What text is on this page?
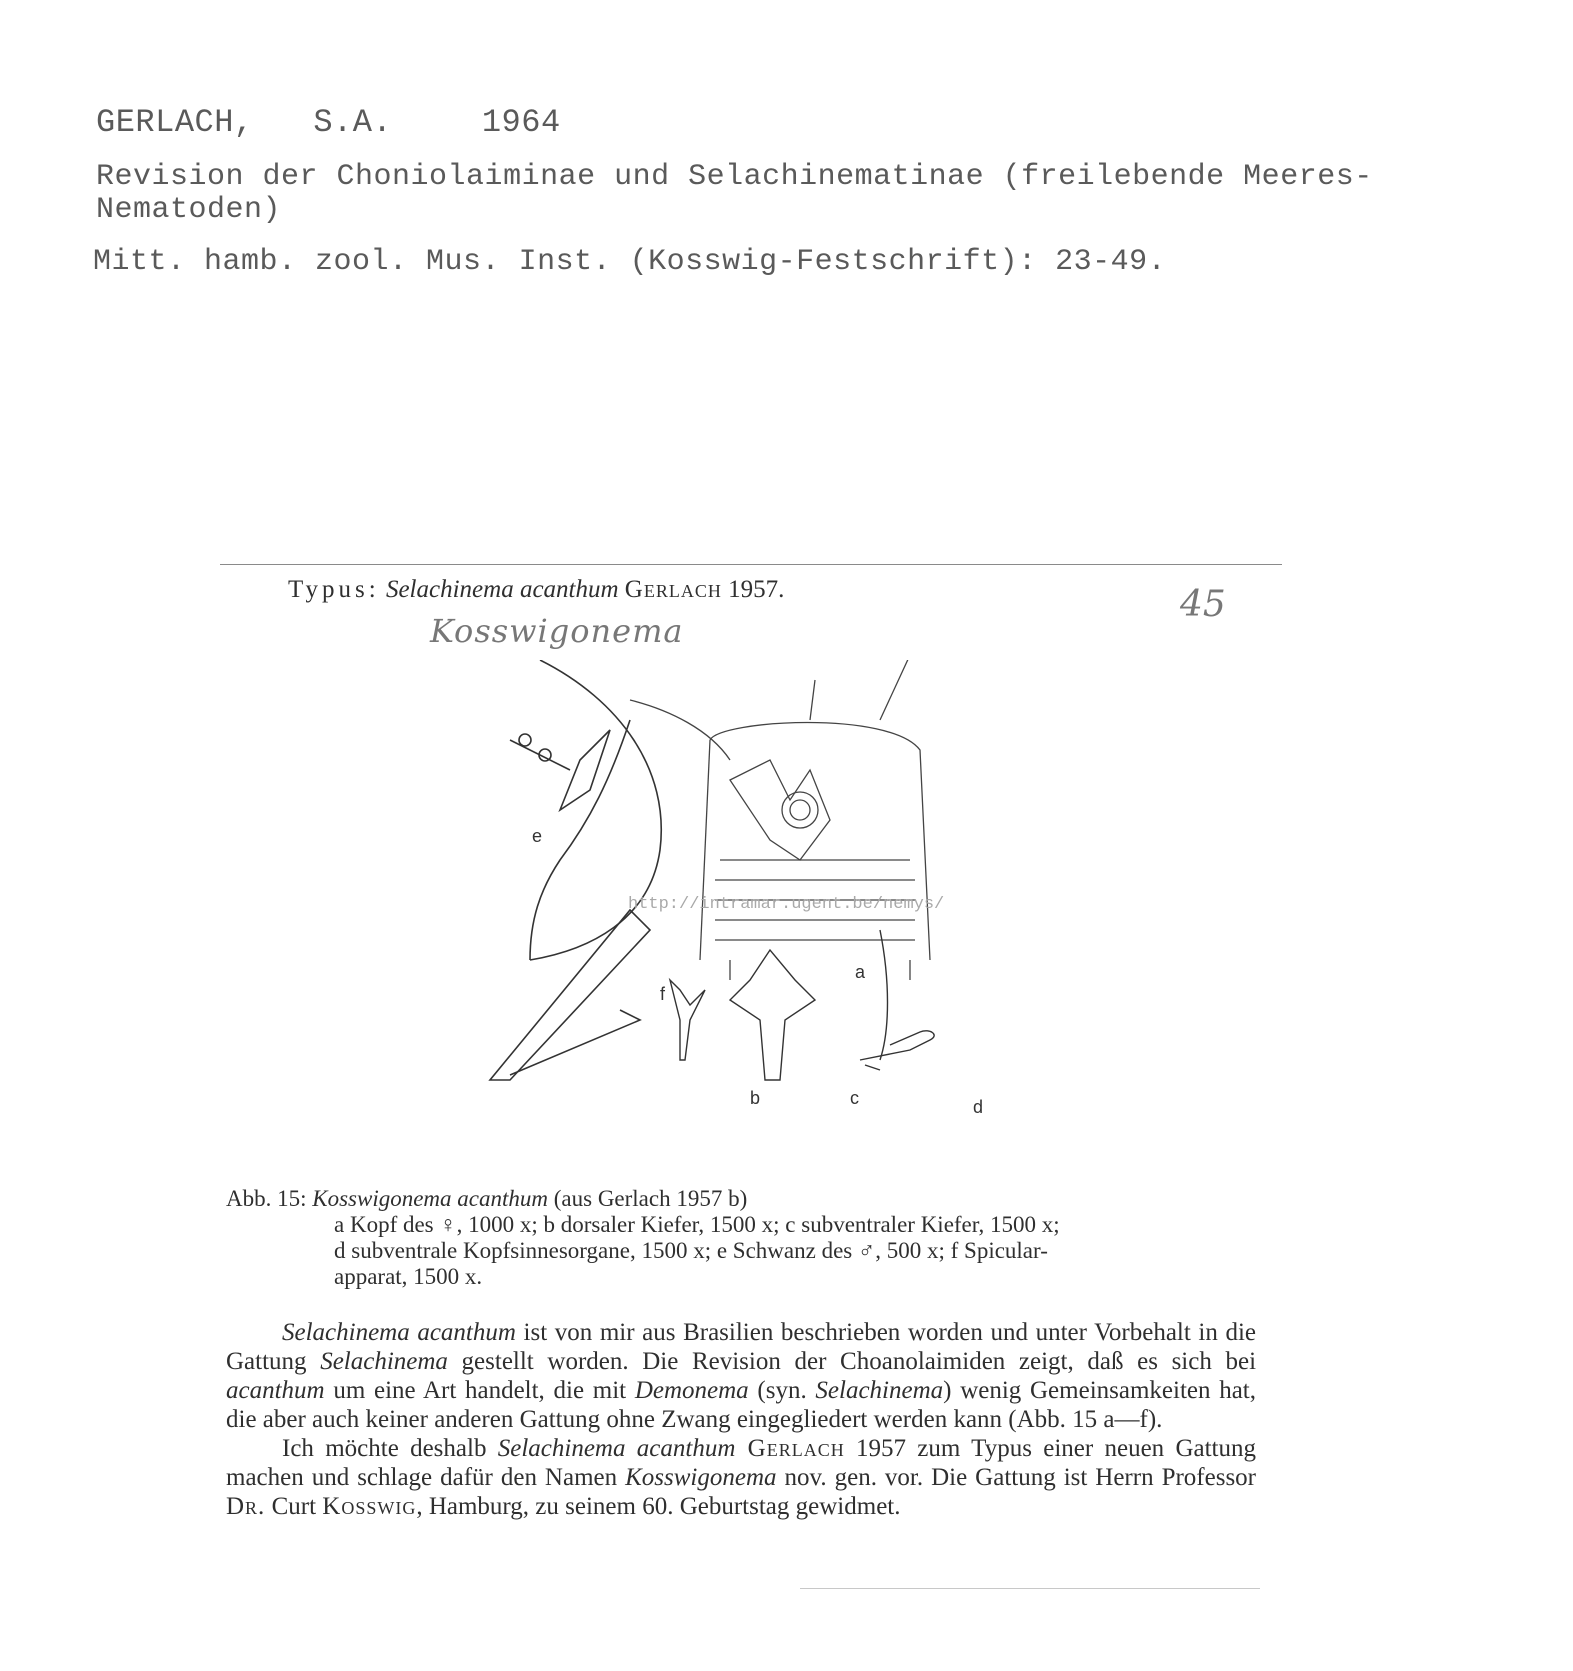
GERLACH, S.A.	1964
Revision der Choniolaiminae und Selachinematinae (freilebende Meeres-
Nematoden)
Mitt. hamb. zool. Mus. Inst. (Kosswig-Festschrift): 23-49.
Typus: Selachinema acanthum Gerlach 1957.	45
Kosswigonema
e
a
f
b	c	d
http://intramar.ugent.be/nemys/
Abb. 15: Kosswigonema acanthum (aus Gerlach 1957 b)
a Kopf des ♀, 1000 x; b dorsaler Kiefer, 1500 x; c subventraler Kiefer, 1500 x;
d subventrale Kopfsinnesorgane, 1500 x; e Schwanz des ♂, 500 x; f Spicular-
apparat, 1500 x.

Selachinema acanthum ist von mir aus Brasilien beschrieben worden und unter Vorbehalt in die Gattung Selachinema gestellt worden. Die Revision der Choanolaimiden zeigt, daß es sich bei acanthum um eine Art handelt, die mit Demonema (syn. Selachinema) wenig Gemeinsamkeiten hat, die aber auch keiner anderen Gattung ohne Zwang eingegliedert werden kann (Abb. 15 a—f).

Ich möchte deshalb Selachinema acanthum Gerlach 1957 zum Typus einer neuen Gattung machen und schlage dafür den Namen Kosswigonema nov. gen. vor. Die Gattung ist Herrn Professor Dr. Curt Kosswig, Hamburg, zu seinem 60. Geburtstag gewidmet.
